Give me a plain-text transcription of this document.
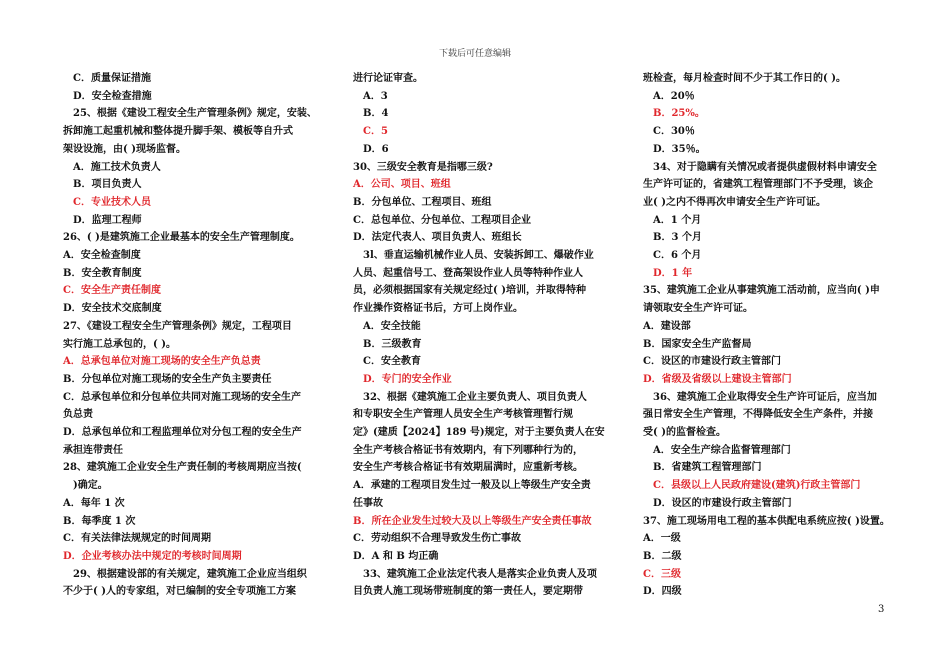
下载后可任意编辑
　C．质量保证措施
　D．安全检查措施
　25、根据《建设工程安全生产管理条例》规定，安装、
拆卸施工起重机械和整体提升脚手架、模板等自升式
架设设施，由( )现场监督。
　A．施工技术负责人
　B．项目负责人
　C．专业技术人员
　D．监理工程师
26、( )是建筑施工企业最基本的安全生产管理制度。
A．安全检查制度
B．安全教育制度
C．安全生产责任制度
D．安全技术交底制度
27、《建设工程安全生产管理条例》规定，工程项目
实行施工总承包的，( )。
A．总承包单位对施工现场的安全生产负总责
B．分包单位对施工现场的安全生产负主要责任
C．总承包单位和分包单位共同对施工现场的安全生产
负总责
D．总承包单位和工程监理单位对分包工程的安全生产
承担连带责任
28、建筑施工企业安全生产责任制的考核周期应当按(
　)确定。
A．每年 1 次
B．每季度 1 次
C．有关法律法规规定的时间周期
D．企业考核办法中规定的考核时间周期
　29、根据建设部的有关规定，建筑施工企业应当组织
不少于( )人的专家组，对已编制的安全专项施工方案
进行论证审查。
　A．3
　B．4
　C．5
　D．6
30、三级安全教育是指哪三级?
A．公司、项目、班组
B．分包单位、工程项目、班组
C．总包单位、分包单位、工程项目企业
D．法定代表人、项目负责人、班组长
　3l、垂直运输机械作业人员、安装拆卸工、爆破作业
人员、起重信号工、登高架设作业人员等特种作业人
员，必须根据国家有关规定经过( )培训，并取得特种
作业操作资格证书后，方可上岗作业。
　A．安全技能
　B．三级教育
　C．安全教育
　D．专门的安全作业
　32、根据《建筑施工企业主要负责人、项目负责人
和专职安全生产管理人员安全生产考核管理暂行规
定》(建质【2024】189 号)规定，对于主要负责人在安
全生产考核合格证书有效期内，有下列哪种行为的，
安全生产考核合格证书有效期届满时，应重新考核。
A．承建的工程项目发生过一般及以上等级生产安全责
任事故
B．所在企业发生过较大及以上等级生产安全责任事故
C．劳动组织不合理导致发生伤亡事故
D．A 和 B 均正确
　33、建筑施工企业法定代表人是落实企业负责人及项
目负责人施工现场带班制度的第一责任人，要定期带
班检查，每月检查时间不少于其工作日的( )。
　A．20％
　B．25%。
　C．30％
　D．35％。
　34、对于隐瞒有关情况或者提供虚假材料申请安全
生产许可证的，省建筑工程管理部门不予受理，该企
业( )之内不得再次申请安全生产许可证。
　A．1 个月
　B．3 个月
　C．6 个月
　D．1 年
35、建筑施工企业从事建筑施工活动前，应当向( )申
请领取安全生产许可证。
A．建设部
B．国家安全生产监督局
C．设区的市建设行政主管部门
D．省级及省级以上建设主管部门
　36、建筑施工企业取得安全生产许可证后，应当加
强日常安全生产管理，不得降低安全生产条件，并接
受( )的监督检查。
　A．安全生产综合监督管理部门
　B．省建筑工程管理部门
　C．县级以上人民政府建设(建筑)行政主管部门
　D．设区的市建设行政主管部门
37、施工现场用电工程的基本供配电系统应按( )设置。
A．一级
B．二级
C．三级
D．四级
3
